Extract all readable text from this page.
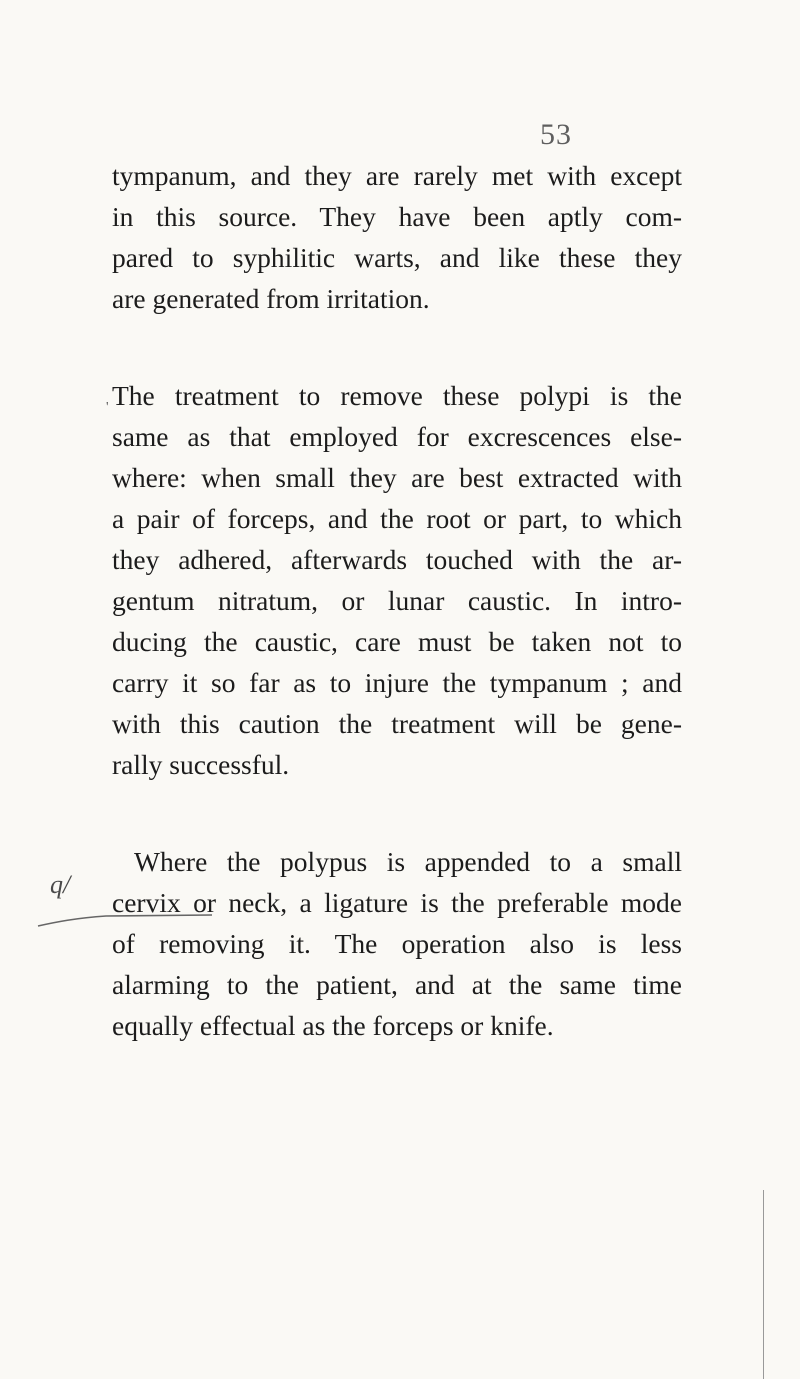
53
'
q/
tympanum, and they are rarely met with except
in this source. They have been aptly com-
pared to syphilitic warts, and like these they
are generated from irritation.
The treatment to remove these polypi is the
same as that employed for excrescences else-
where: when small they are best extracted with
a pair of forceps, and the root or part, to which
they adhered, afterwards touched with the ar-
gentum nitratum, or lunar caustic. In intro-
ducing the caustic, care must be taken not to
carry it so far as to injure the tympanum ; and
with this caution the treatment will be gene-
rally successful.
Where the polypus is appended to a small
cervix or neck, a ligature is the preferable mode
of removing it. The operation also is less
alarming to the patient, and at the same time
equally effectual as the forceps or knife.
